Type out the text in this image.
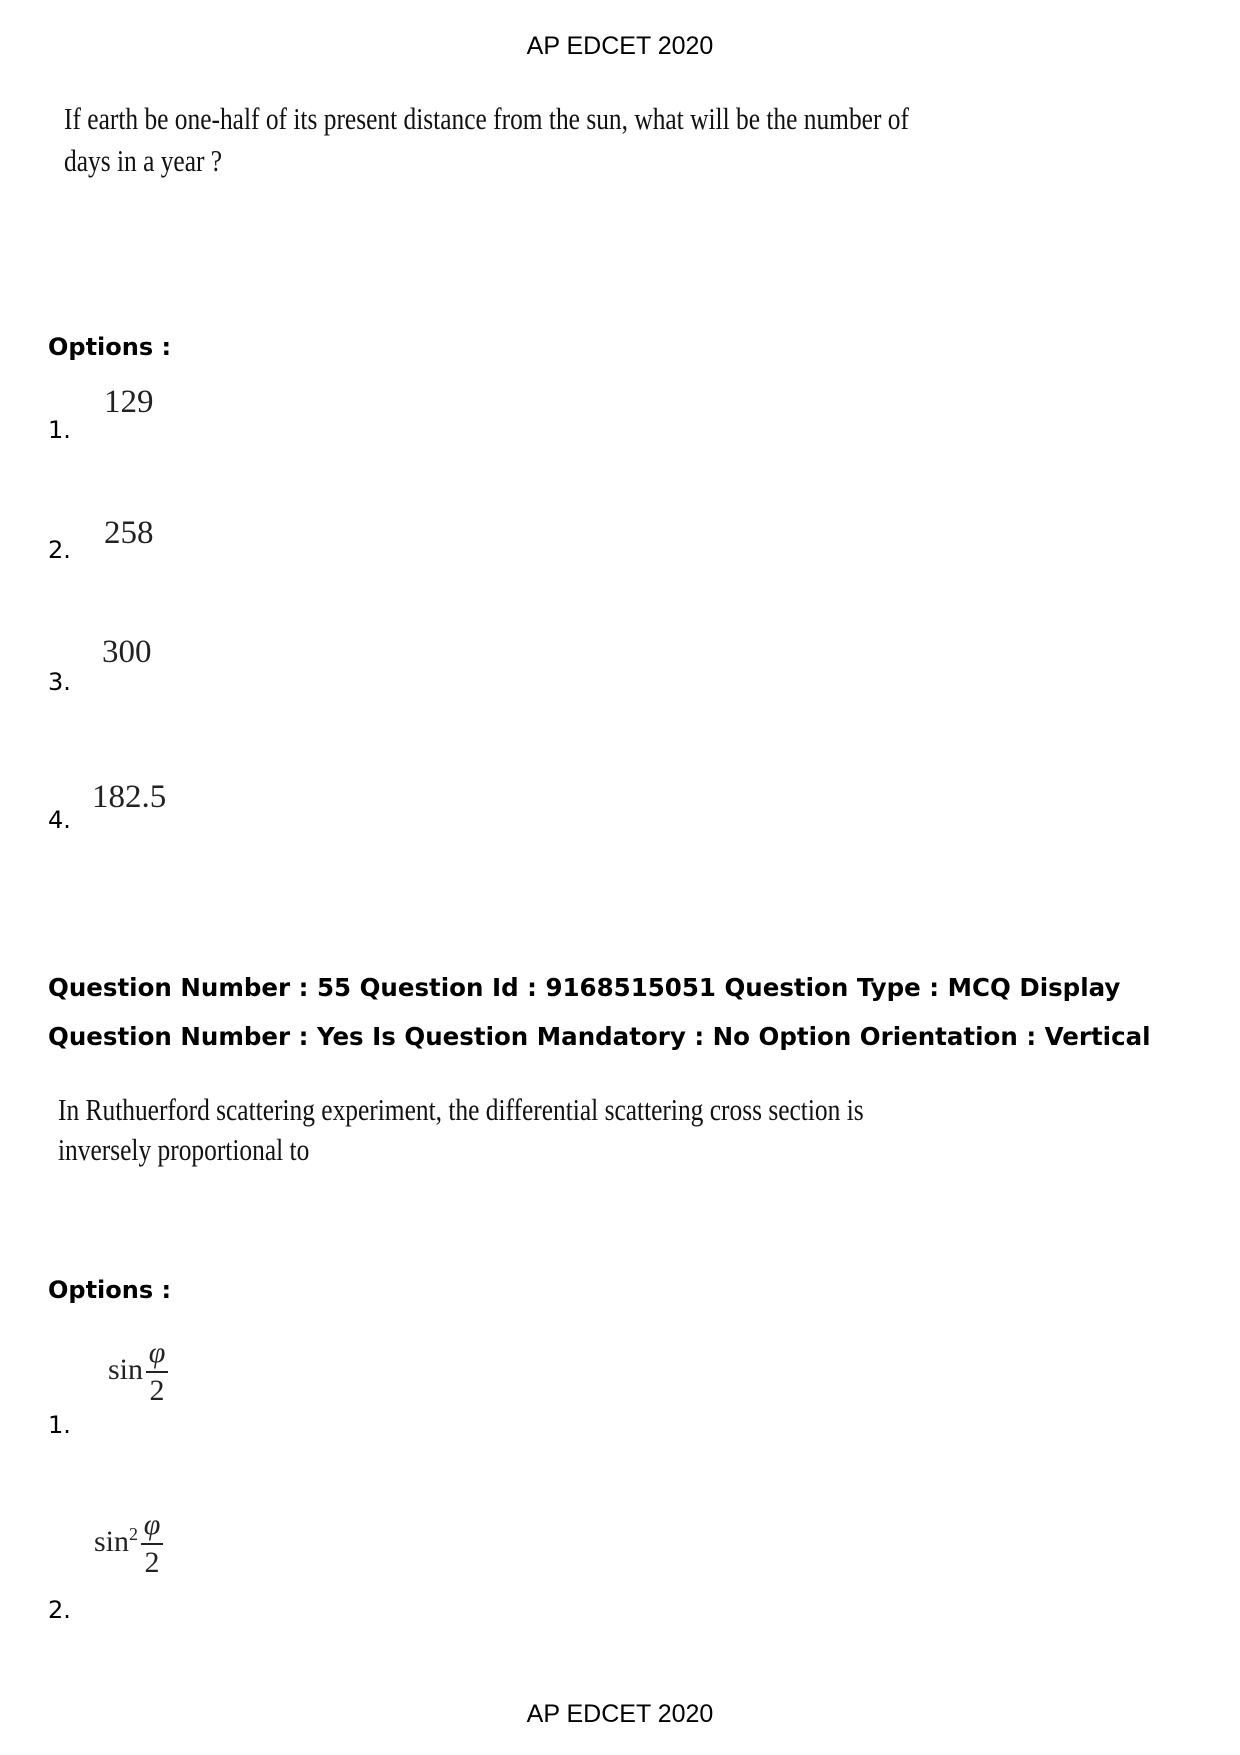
AP EDCET 2020
If earth be one-half of its present distance from the sun, what will be the number of
days in a year ?
Options :
129
1.
258
2.
300
3.
182.5
4.
Question Number : 55 Question Id : 9168515051 Question Type : MCQ Display Question Number : Yes Is Question Mandatory : No Option Orientation : Vertical
In Ruthuerford scattering experiment, the differential scattering cross section is
inversely proportional to
Options :
$\sin \frac{\varphi}{2}$
1.
$\sin^2 \frac{\varphi}{2}$
2.
AP EDCET 2020
